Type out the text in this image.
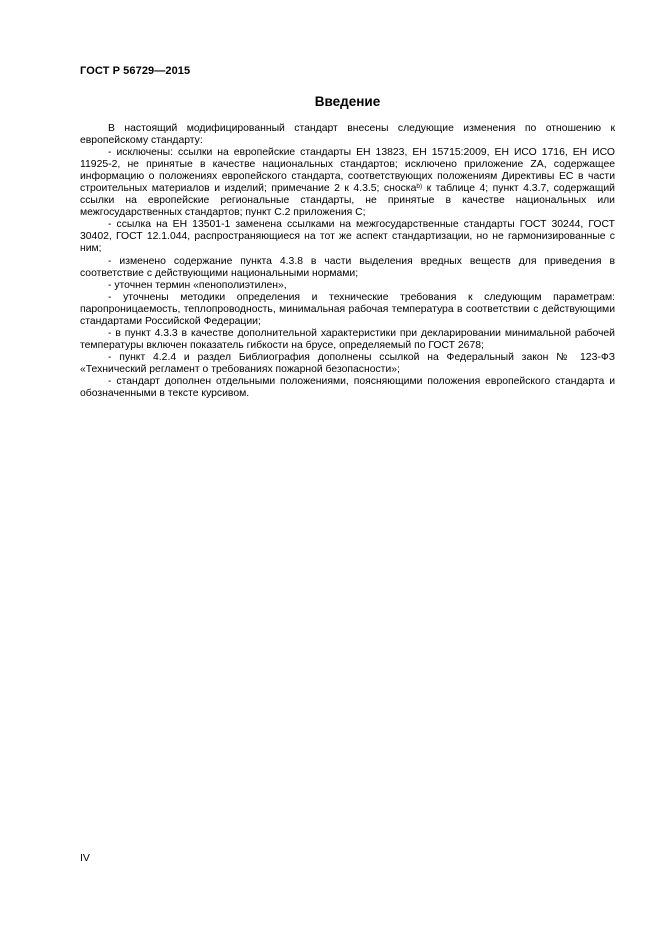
ГОСТ Р 56729—2015
Введение

В настоящий модифицированный стандарт внесены следующие изменения по отношению к европейскому стандарту:

- исключены: ссылки на европейские стандарты ЕН 13823, ЕН 15715:2009, ЕН ИСО 1716, ЕН ИСО 11925-2, не принятые в качестве национальных стандартов; исключено приложение ZA, содержащее информацию о положениях европейского стандарта, соответствующих положениям Директивы ЕС в части строительных материалов и изделий; примечание 2 к 4.3.5; сноска$^{b)}$ к таблице 4; пункт 4.3.7, содержащий ссылки на европейские региональные стандарты, не принятые в качестве национальных или межгосударственных стандартов; пункт С.2 приложения С;

- ссылка на ЕН 13501-1 заменена ссылками на межгосударственные стандарты ГОСТ 30244, ГОСТ 30402, ГОСТ 12.1.044, распространяющиеся на тот же аспект стандартизации, но не гармонизированные с ним;

- изменено содержание пункта 4.3.8 в части выделения вредных веществ для приведения в соответствие с действующими национальными нормами;

- уточнен термин «пенополиэтилен»,

- уточнены методики определения и технические требования к следующим параметрам: паропроницаемость, теплопроводность, минимальная рабочая температура в соответствии с действующими стандартами Российской Федерации;

- в пункт 4.3.3 в качестве дополнительной характеристики при декларировании минимальной рабочей температуры включен показатель гибкости на брусе, определяемый по ГОСТ 2678;

- пункт 4.2.4 и раздел Библиография дополнены ссылкой на Федеральный закон № 123-ФЗ «Технический регламент о требованиях пожарной безопасности»;

- стандарт дополнен отдельными положениями, поясняющими положения европейского стандарта и обозначенными в тексте курсивом.

IV
